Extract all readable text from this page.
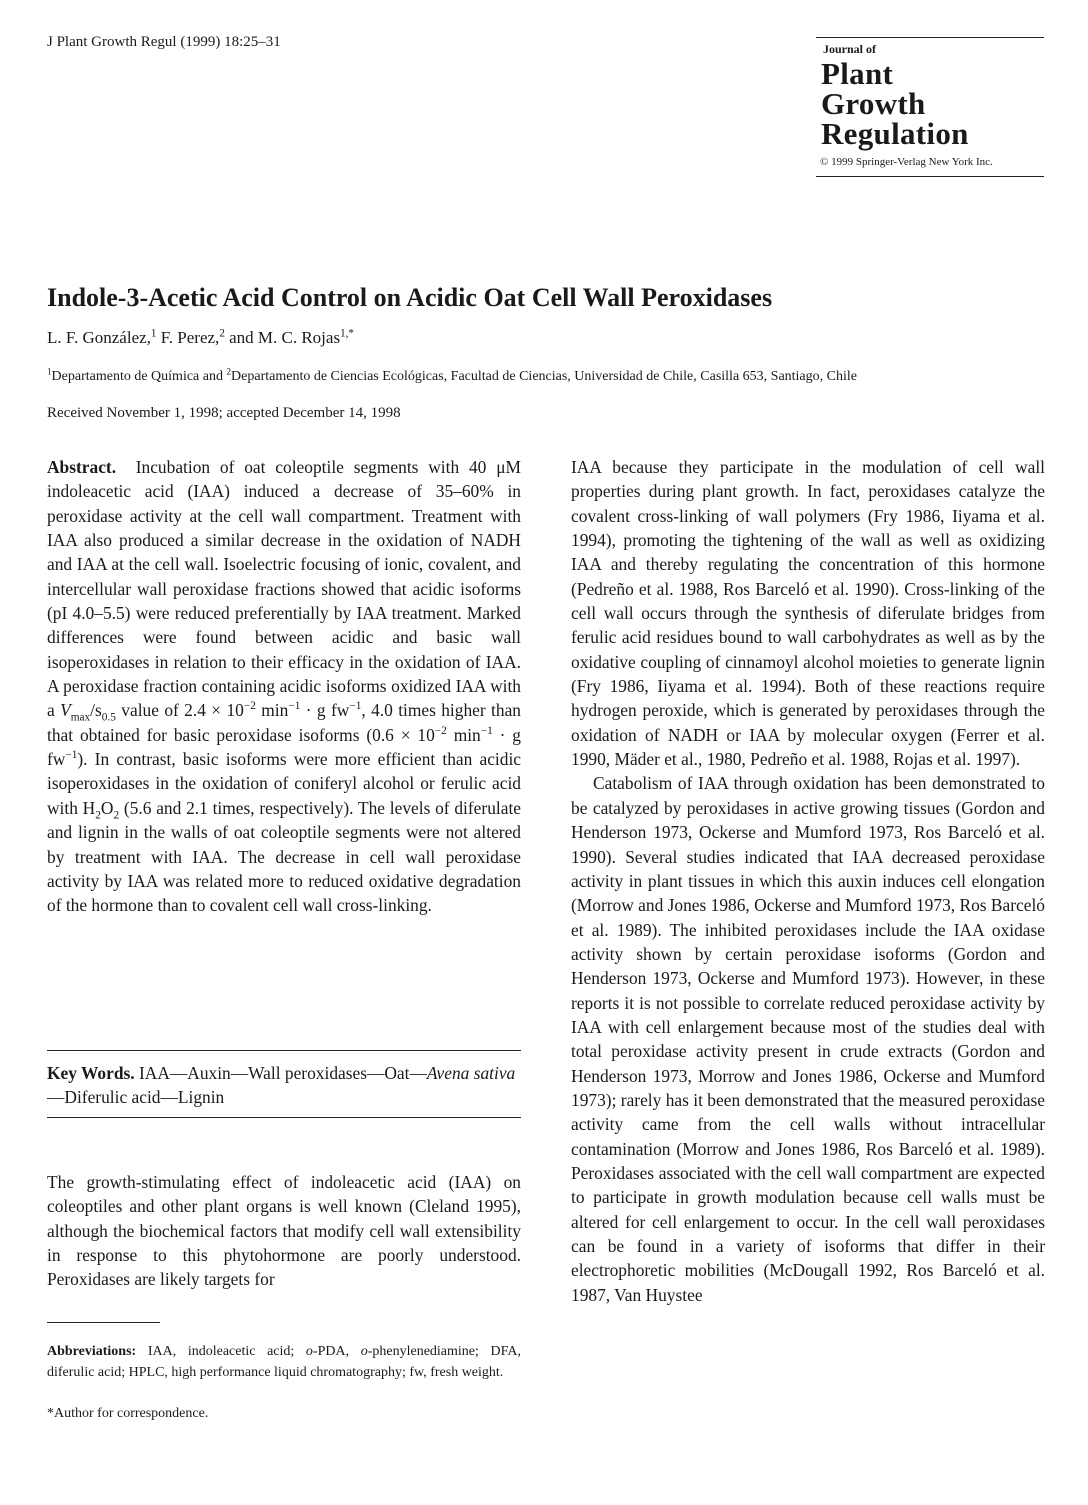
J Plant Growth Regul (1999) 18:25–31	Journal of
Plant
Growth
Regulation
© 1999 Springer-Verlag New York Inc.
Indole-3-Acetic Acid Control on Acidic Oat Cell Wall Peroxidases
L. F. González,$^1$ F. Perez,$^2$ and M. C. Rojas$^{1,*}$
$^1$Departamento de Química and $^2$Departamento de Ciencias Ecológicas, Facultad de Ciencias, Universidad de Chile, Casilla 653, Santiago, Chile
Received November 1, 1998; accepted December 14, 1998

Abstract. Incubation of oat coleoptile segments with 40 μM indoleacetic acid (IAA) induced a decrease of 35–60% in peroxidase activity at the cell wall compartment. Treatment with IAA also produced a similar decrease in the oxidation of NADH and IAA at the cell wall. Isoelectric focusing of ionic, covalent, and intercellular wall peroxidase fractions showed that acidic isoforms (pI 4.0–5.5) were reduced preferentially by IAA treatment. Marked differences were found between acidic and basic wall isoperoxidases in relation to their efficacy in the oxidation of IAA. A peroxidase fraction containing acidic isoforms oxidized IAA with a $V_{max}/s_{0.5}$ value of $2.4 \times 10^{-2}$ $\min^{-1} \cdot g$ $fw^{-1}$, 4.0 times higher than that obtained for basic peroxidase isoforms ($0.6 \times 10^{-2}$ $\min^{-1} \cdot g$ $fw^{-1}$). In contrast, basic isoforms were more efficient than acidic isoperoxidases in the oxidation of coniferyl alcohol or ferulic acid with $H_2O_2$ (5.6 and 2.1 times, respectively). The levels of diferulate and lignin in the walls of oat coleoptile segments were not altered by treatment with IAA. The decrease in cell wall peroxidase activity by IAA was related more to reduced oxidative degradation of the hormone than to covalent cell wall cross-linking.

Key Words. IAA—Auxin—Wall peroxidases—Oat—Avena sativa—Diferulic acid—Lignin

The growth-stimulating effect of indoleacetic acid (IAA) on coleoptiles and other plant organs is well known (Cleland 1995), although the biochemical factors that modify cell wall extensibility in response to this phytohormone are poorly understood. Peroxidases are likely targets for

Abbreviations: IAA, indoleacetic acid; o-PDA, o-phenylenediamine; DFA, diferulic acid; HPLC, high performance liquid chromatography; fw, fresh weight.
*Author for correspondence.

IAA because they participate in the modulation of cell wall properties during plant growth. In fact, peroxidases catalyze the covalent cross-linking of wall polymers (Fry 1986, Iiyama et al. 1994), promoting the tightening of the wall as well as oxidizing IAA and thereby regulating the concentration of this hormone (Pedreño et al. 1988, Ros Barceló et al. 1990). Cross-linking of the cell wall occurs through the synthesis of diferulate bridges from ferulic acid residues bound to wall carbohydrates as well as by the oxidative coupling of cinnamoyl alcohol moieties to generate lignin (Fry 1986, Iiyama et al. 1994). Both of these reactions require hydrogen peroxide, which is generated by peroxidases through the oxidation of NADH or IAA by molecular oxygen (Ferrer et al. 1990, Mäder et al., 1980, Pedreño et al. 1988, Rojas et al. 1997).

Catabolism of IAA through oxidation has been demonstrated to be catalyzed by peroxidases in active growing tissues (Gordon and Henderson 1973, Ockerse and Mumford 1973, Ros Barceló et al. 1990). Several studies indicated that IAA decreased peroxidase activity in plant tissues in which this auxin induces cell elongation (Morrow and Jones 1986, Ockerse and Mumford 1973, Ros Barceló et al. 1989). The inhibited peroxidases include the IAA oxidase activity shown by certain peroxidase isoforms (Gordon and Henderson 1973, Ockerse and Mumford 1973). However, in these reports it is not possible to correlate reduced peroxidase activity by IAA with cell enlargement because most of the studies deal with total peroxidase activity present in crude extracts (Gordon and Henderson 1973, Morrow and Jones 1986, Ockerse and Mumford 1973); rarely has it been demonstrated that the measured peroxidase activity came from the cell walls without intracellular contamination (Morrow and Jones 1986, Ros Barceló et al. 1989). Peroxidases associated with the cell wall compartment are expected to participate in growth modulation because cell walls must be altered for cell enlargement to occur. In the cell wall peroxidases can be found in a variety of isoforms that differ in their electrophoretic mobilities (McDougall 1992, Ros Barceló et al. 1987, Van Huystee
